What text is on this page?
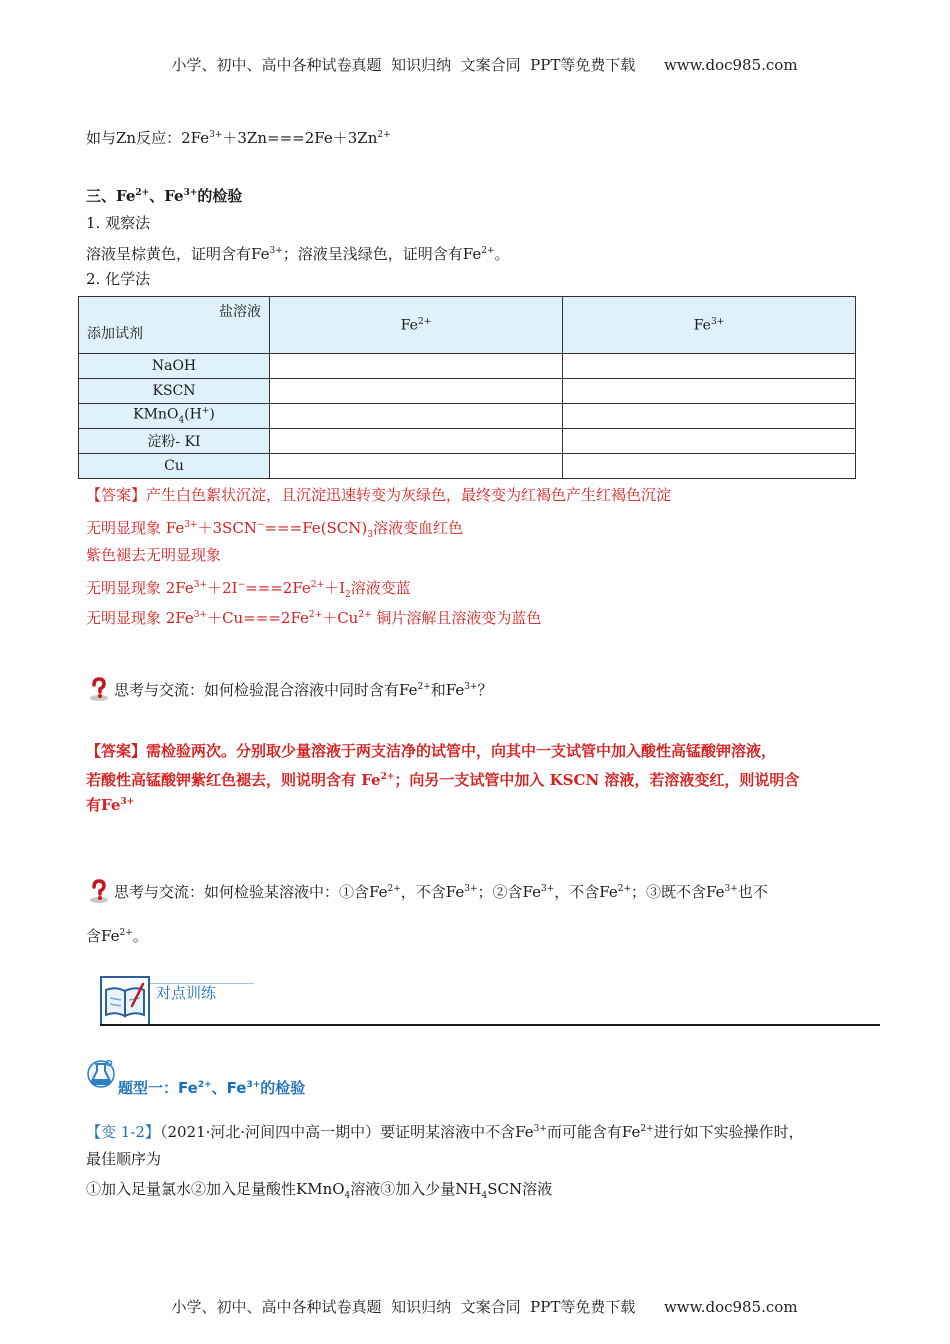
小学、初中、高中各种试卷真题  知识归纳  文案合同  PPT等免费下载 www.doc985.com

如与Zn反应：$2Fe^{3+}+3Zn===2Fe+3Zn^{2+}$
三、$Fe^{2+}$、$Fe^{3+}$的检验
1. 观察法
溶液呈棕黄色，证明含有$Fe^{3+}$；溶液呈浅绿色，证明含有$Fe^{2+}$。
2. 化学法
盐溶液
添加试剂	$Fe^{2+}$	$Fe^{3+}$
NaOH		
KSCN		
KMnO$_4$(H+)		
淀粉- KI		
Cu		
【答案】产生白色絮状沉淀，且沉淀迅速转变为灰绿色，最终变为红褐色产生红褐色沉淀
无明显现象 $Fe^{3+}+3SCN^-===Fe(SCN)_3$溶液变血红色
紫色褪去无明显现象
无明显现象 $2Fe^{3+}+2I^-===2Fe^{2+}+I_2$溶液变蓝
无明显现象 $2Fe^{3+}+Cu===2Fe^{2+}+Cu^{2+}$ 铜片溶解且溶液变为蓝色
思考与交流：如何检验混合溶液中同时含有$Fe^{2+}$和$Fe^{3+}$？
【答案】需检验两次。分别取少量溶液于两支洁净的试管中，向其中一支试管中加入酸性高锰酸钾溶液，
若酸性高锰酸钾紫红色褪去，则说明含有 $Fe^{2+}$；向另一支试管中加入 KSCN 溶液，若溶液变红，则说明含
有$Fe^{3+}$
思考与交流：如何检验某溶液中：①含$Fe^{2+}$，不含$Fe^{3+}$；②含$Fe^{3+}$，不含$Fe^{2+}$；③既不含$Fe^{3+}$也不
含$Fe^{2+}$。
对点训练
题型一：$Fe^{2+}$、$Fe^{3+}$的检验
【变 1-2】（2021·河北·河间四中高一期中）要证明某溶液中不含$Fe^{3+}$而可能含有$Fe^{2+}$进行如下实验操作时，
最佳顺序为
①加入足量氯水②加入足量酸性KMnO$_4$溶液③加入少量$NH_4SCN$溶液

小学、初中、高中各种试卷真题  知识归纳  文案合同  PPT等免费下载 www.doc985.com
